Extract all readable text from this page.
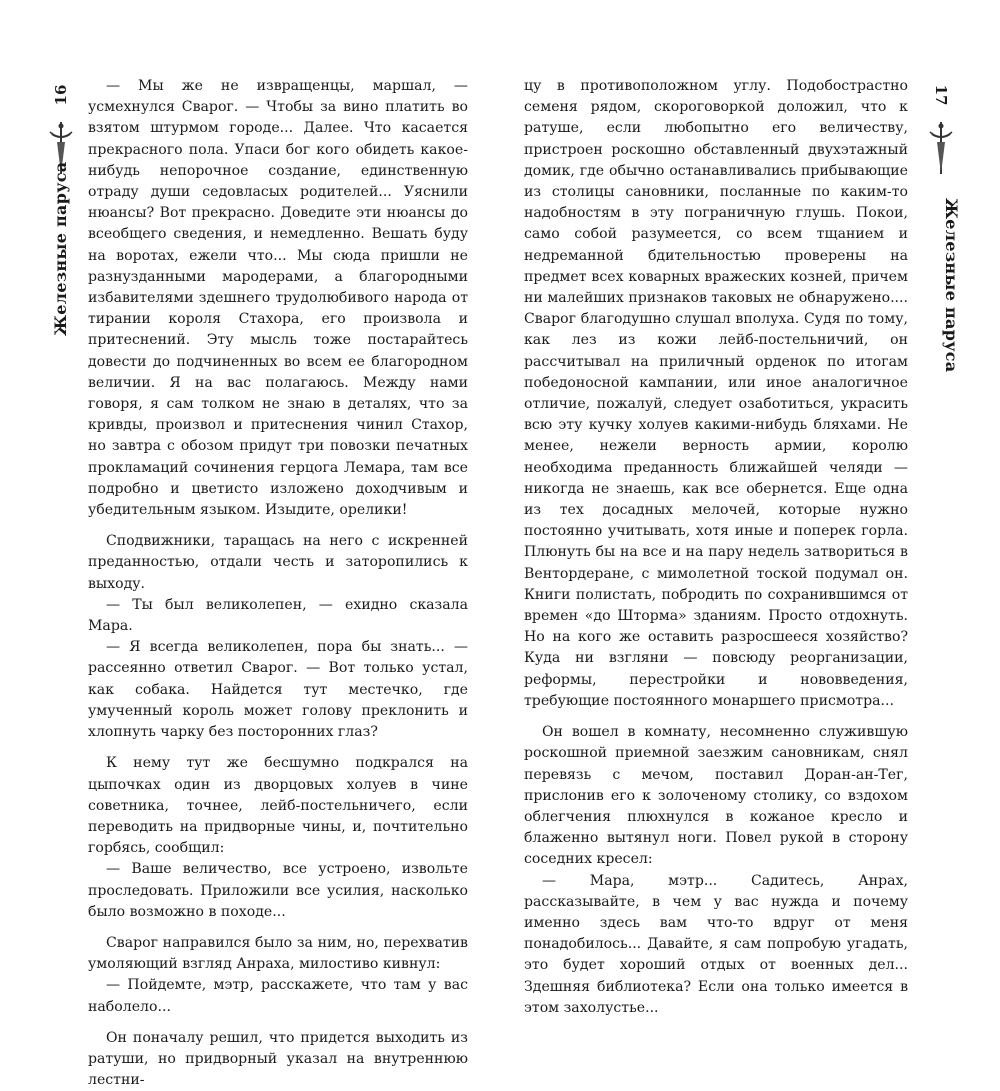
16
Железные паруса

— Мы же не извращенцы, маршал, — усмехнулся Сварог. — Чтобы за вино платить во взятом штурмом городе... Далее. Что касается прекрасного пола. Упаси бог кого обидеть какое-нибудь непорочное создание, единственную отраду души седовласых родителей... Уяснили нюансы? Вот прекрасно. Доведите эти нюансы до всеобщего сведения, и немедленно. Вешать буду на воротах, ежели что... Мы сюда пришли не разнузданными мародерами, а благородными избавителями здешнего трудолюбивого народа от тирании короля Стахора, его произвола и притеснений. Эту мысль тоже постарайтесь довести до подчиненных во всем ее благородном величии. Я на вас полагаюсь. Между нами говоря, я сам толком не знаю в деталях, что за кривды, произвол и притеснения чинил Стахор, но завтра с обозом придут три повозки печатных прокламаций сочинения герцога Лемара, там все подробно и цветисто изложено доходчивым и убедительным языком. Изыдите, орелики!

Сподвижники, таращась на него с искренней преданностью, отдали честь и заторопились к выходу.

— Ты был великолепен, — ехидно сказала Мара.

— Я всегда великолепен, пора бы знать... — рассеянно ответил Сварог. — Вот только устал, как собака. Найдется тут местечко, где умученный король может голову преклонить и хлопнуть чарку без посторонних глаз?

К нему тут же бесшумно подкрался на цыпочках один из дворцовых холуев в чине советника, точнее, лейб-постельничего, если переводить на придворные чины, и, почтительно горбясь, сообщил:

— Ваше величество, все устроено, извольте проследовать. Приложили все усилия, насколько было возможно в походе...

Сварог направился было за ним, но, перехватив умоляющий взгляд Анраха, милостиво кивнул:

— Пойдемте, мэтр, расскажете, что там у вас наболело...

Он поначалу решил, что придется выходить из ратуши, но придворный указал на внутреннюю лестни-

цу в противоположном углу. Подобострастно семеня рядом, скороговоркой доложил, что к ратуше, если любопытно его величеству, пристроен роскошно обставленный двухэтажный домик, где обычно останавливались прибывающие из столицы сановники, посланные по каким-то надобностям в эту пограничную глушь. Покои, само собой разумеется, со всем тщанием и недреманной бдительностью проверены на предмет всех коварных вражеских козней, причем ни малейших признаков таковых не обнаружено.... Сварог благодушно слушал вполуха. Судя по тому, как лез из кожи лейб-постельничий, он рассчитывал на приличный орденок по итогам победоносной кампании, или иное аналогичное отличие, пожалуй, следует озаботиться, украсить всю эту кучку холуев какими-нибудь бляхами. Не менее, нежели верность армии, королю необходима преданность ближайшей челяди — никогда не знаешь, как все обернется. Еще одна из тех досадных мелочей, которые нужно постоянно учитывать, хотя иные и поперек горла. Плюнуть бы на все и на пару недель затвориться в Вентордеране, с мимолетной тоской подумал он. Книги полистать, побродить по сохранившимся от времен «до Шторма» зданиям. Просто отдохнуть. Но на кого же оставить разросшееся хозяйство? Куда ни взгляни — повсюду реорганизации, реформы, перестройки и нововведения, требующие постоянного монаршего присмотра...

Он вошел в комнату, несомненно служившую роскошной приемной заезжим сановникам, снял перевязь с мечом, поставил Доран-ан-Тег, прислонив его к золоченому столику, со вздохом облегчения плюхнулся в кожаное кресло и блаженно вытянул ноги. Повел рукой в сторону соседних кресел:

— Мара, мэтр... Садитесь, Анрах, рассказывайте, в чем у вас нужда и почему именно здесь вам что-то вдруг от меня понадобилось... Давайте, я сам попробую угадать, это будет хороший отдых от военных дел... Здешняя библиотека? Если она только имеется в этом захолустье...

17
Железные паруса
